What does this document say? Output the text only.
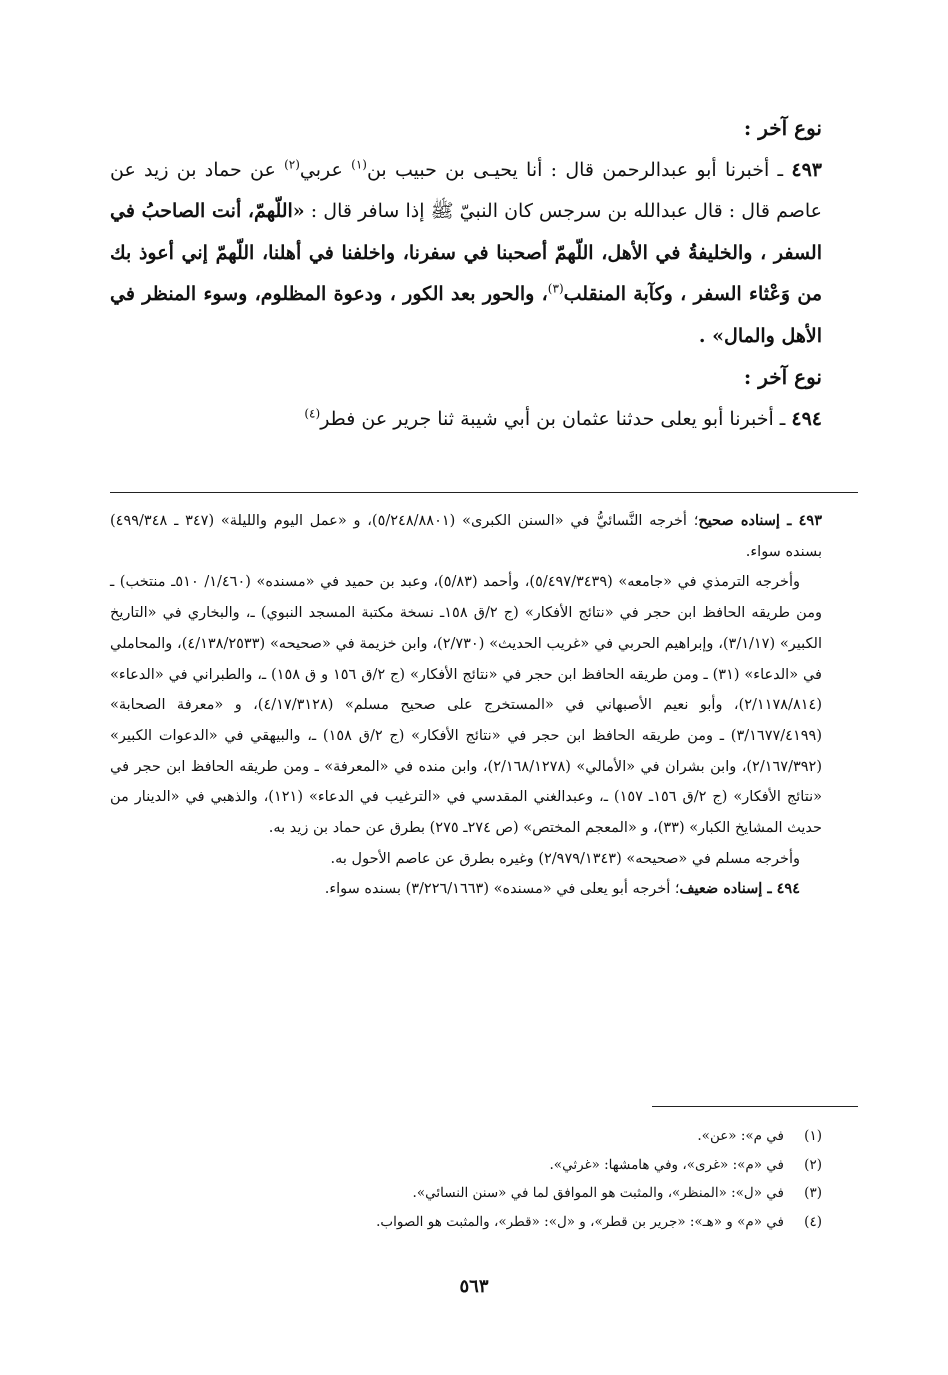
نوع آخر :

٤٩٣ ـ أخبرنا أبو عبدالرحمن قال : أنا يحيـى بن حبيب بن$^{(١)}$ عربي$^{(٢)}$ عن حماد بن زيد عن عاصم قال : قال عبدالله بن سرجس كان النبيّ ﷺ إذا سافر قال : «اللّهمّ، أنت الصاحبُ في السفر ، والخليفةُ في الأهل، اللّهمّ أصحبنا في سفرنا، واخلفنا في أهلنا، اللّهمّ إني أعوذ بك من وَعْثاء السفر ، وكآبة المنقلب$^{(٣)}$، والحور بعد الكور ، ودعوة المظلوم، وسوء المنظر في الأهل والمال» .

نوع آخر :

٤٩٤ ـ أخبرنا أبو يعلى حدثنا عثمان بن أبي شيبة ثنا جرير عن فطر$^{(٤)}$

٤٩٣ ـ إسناده صحيح؛ أخرجه النَّسائيُّ في «السنن الكبرى» (٥/٢٤٨/٨٨٠١)، و «عمل اليوم والليلة» (٣٤٧ ـ ٤٩٩/٣٤٨) بسنده سواء.

وأخرجه الترمذي في «جامعه» (٥/٤٩٧/٣٤٣٩)، وأحمد (٥/٨٣)، وعبد بن حميد في «مسنده» (١/٤٦٠/ ٥١٠ـ منتخب) ـ ومن طريقه الحافظ ابن حجر في «نتائج الأفكار» (ج ٢/ق ١٥٨ـ نسخة مكتبة المسجد النبوي) ـ، والبخاري في «التاريخ الكبير» (٣/١/١٧)، وإبراهيم الحربي في «غريب الحديث» (٢/٧٣٠)، وابن خزيمة في «صحيحه» (٤/١٣٨/٢٥٣٣)، والمحاملي في «الدعاء» (٣١) ـ ومن طريقه الحافظ ابن حجر في «نتائج الأفكار» (ج ٢/ق ١٥٦ و ق ١٥٨) ـ، والطبراني في «الدعاء» (٢/١١٧٨/٨١٤)، وأبو نعيم الأصبهاني في «المستخرج على صحيح مسلم» (٤/١٧/٣١٢٨)، و «معرفة الصحابة» (٣/١٦٧٧/٤١٩٩) ـ ومن طريقه الحافظ ابن حجر في «نتائج الأفكار» (ج ٢/ق ١٥٨) ـ، والبيهقي في «الدعوات الكبير» (٢/١٦٧/٣٩٢)، وابن بشران في «الأمالي» (٢/١٦٨/١٢٧٨)، وابن منده في «المعرفة» ـ ومن طريقه الحافظ ابن حجر في «نتائج الأفكار» (ج ٢/ق ١٥٦ـ ١٥٧) ـ، وعبدالغني المقدسي في «الترغيب في الدعاء» (١٢١)، والذهبي في «الدينار من حديث المشايخ الكبار» (٣٣)، و «المعجم المختص» (ص ٢٧٤ـ ٢٧٥) بطرق عن حماد بن زيد به.

وأخرجه مسلم في «صحيحه» (٢/٩٧٩/١٣٤٣) وغيره بطرق عن عاصم الأحول به.

٤٩٤ ـ إسناده ضعيف؛ أخرجه أبو يعلى في «مسنده» (٣/٢٢٦/١٦٦٣) بسنده سواء.

(١)
في م»: «عن».
(٢)
في «م»: «غرى»، وفي هامشها: «غرثي».
(٣)
في «ل»: «المنظر»، والمثبت هو الموافق لما في «سنن النسائي».
(٤)
في «م» و «هـ»: «جرير بن قطر»، و «ل»: «قطر»، والمثبت هو الصواب.
٥٦٣
